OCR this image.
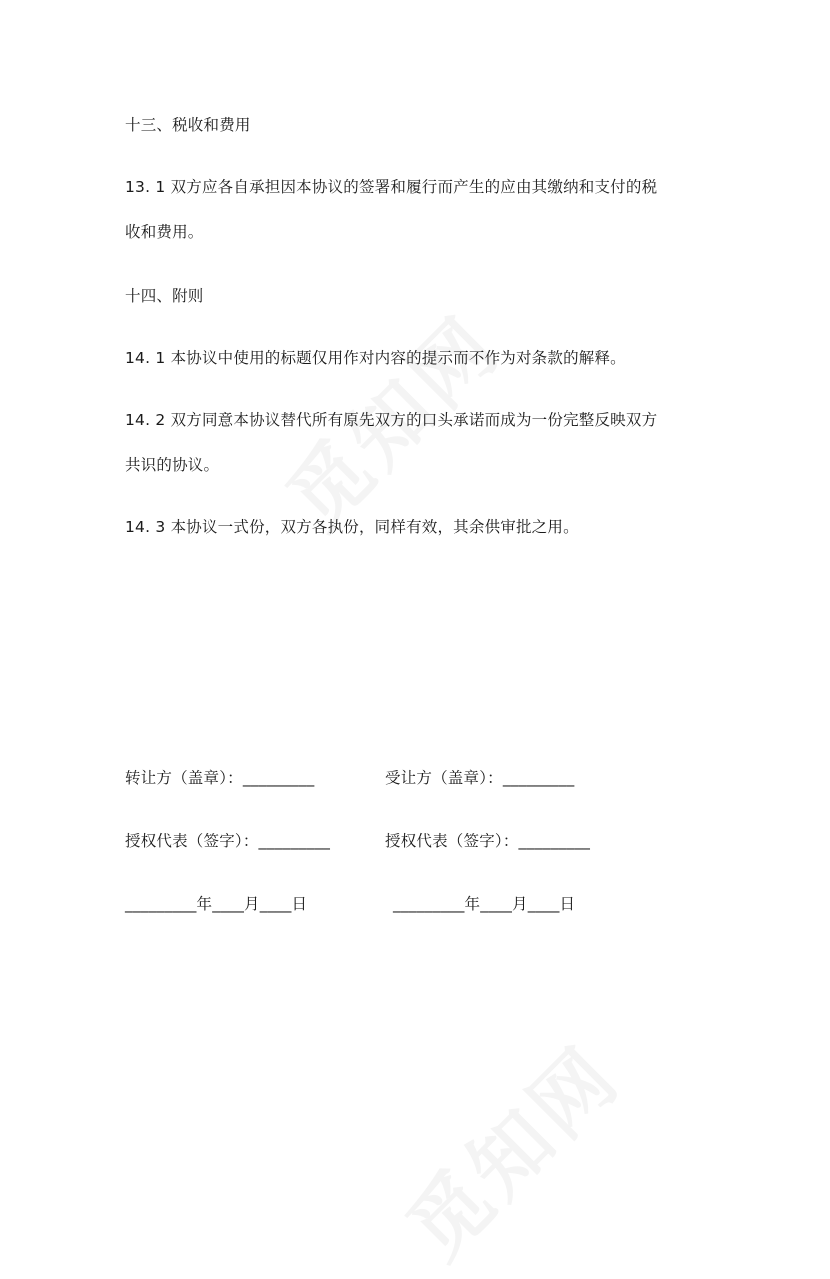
十三、税收和费用
13. 1 双方应各自承担因本协议的签署和履行而产生的应由其缴纳和支付的税
收和费用。
十四、附则
14. 1 本协议中使用的标题仅用作对内容的提示而不作为对条款的解释。
14. 2 双方同意本协议替代所有原先双方的口头承诺而成为一份完整反映双方
共识的协议。
14. 3 本协议一式份，双方各执份，同样有效，其余供审批之用。
转让方（盖章）：_________	受让方（盖章）：_________
授权代表（签字）：_________	授权代表（签字）：_________
_________年____月____日	_________年____月____日
